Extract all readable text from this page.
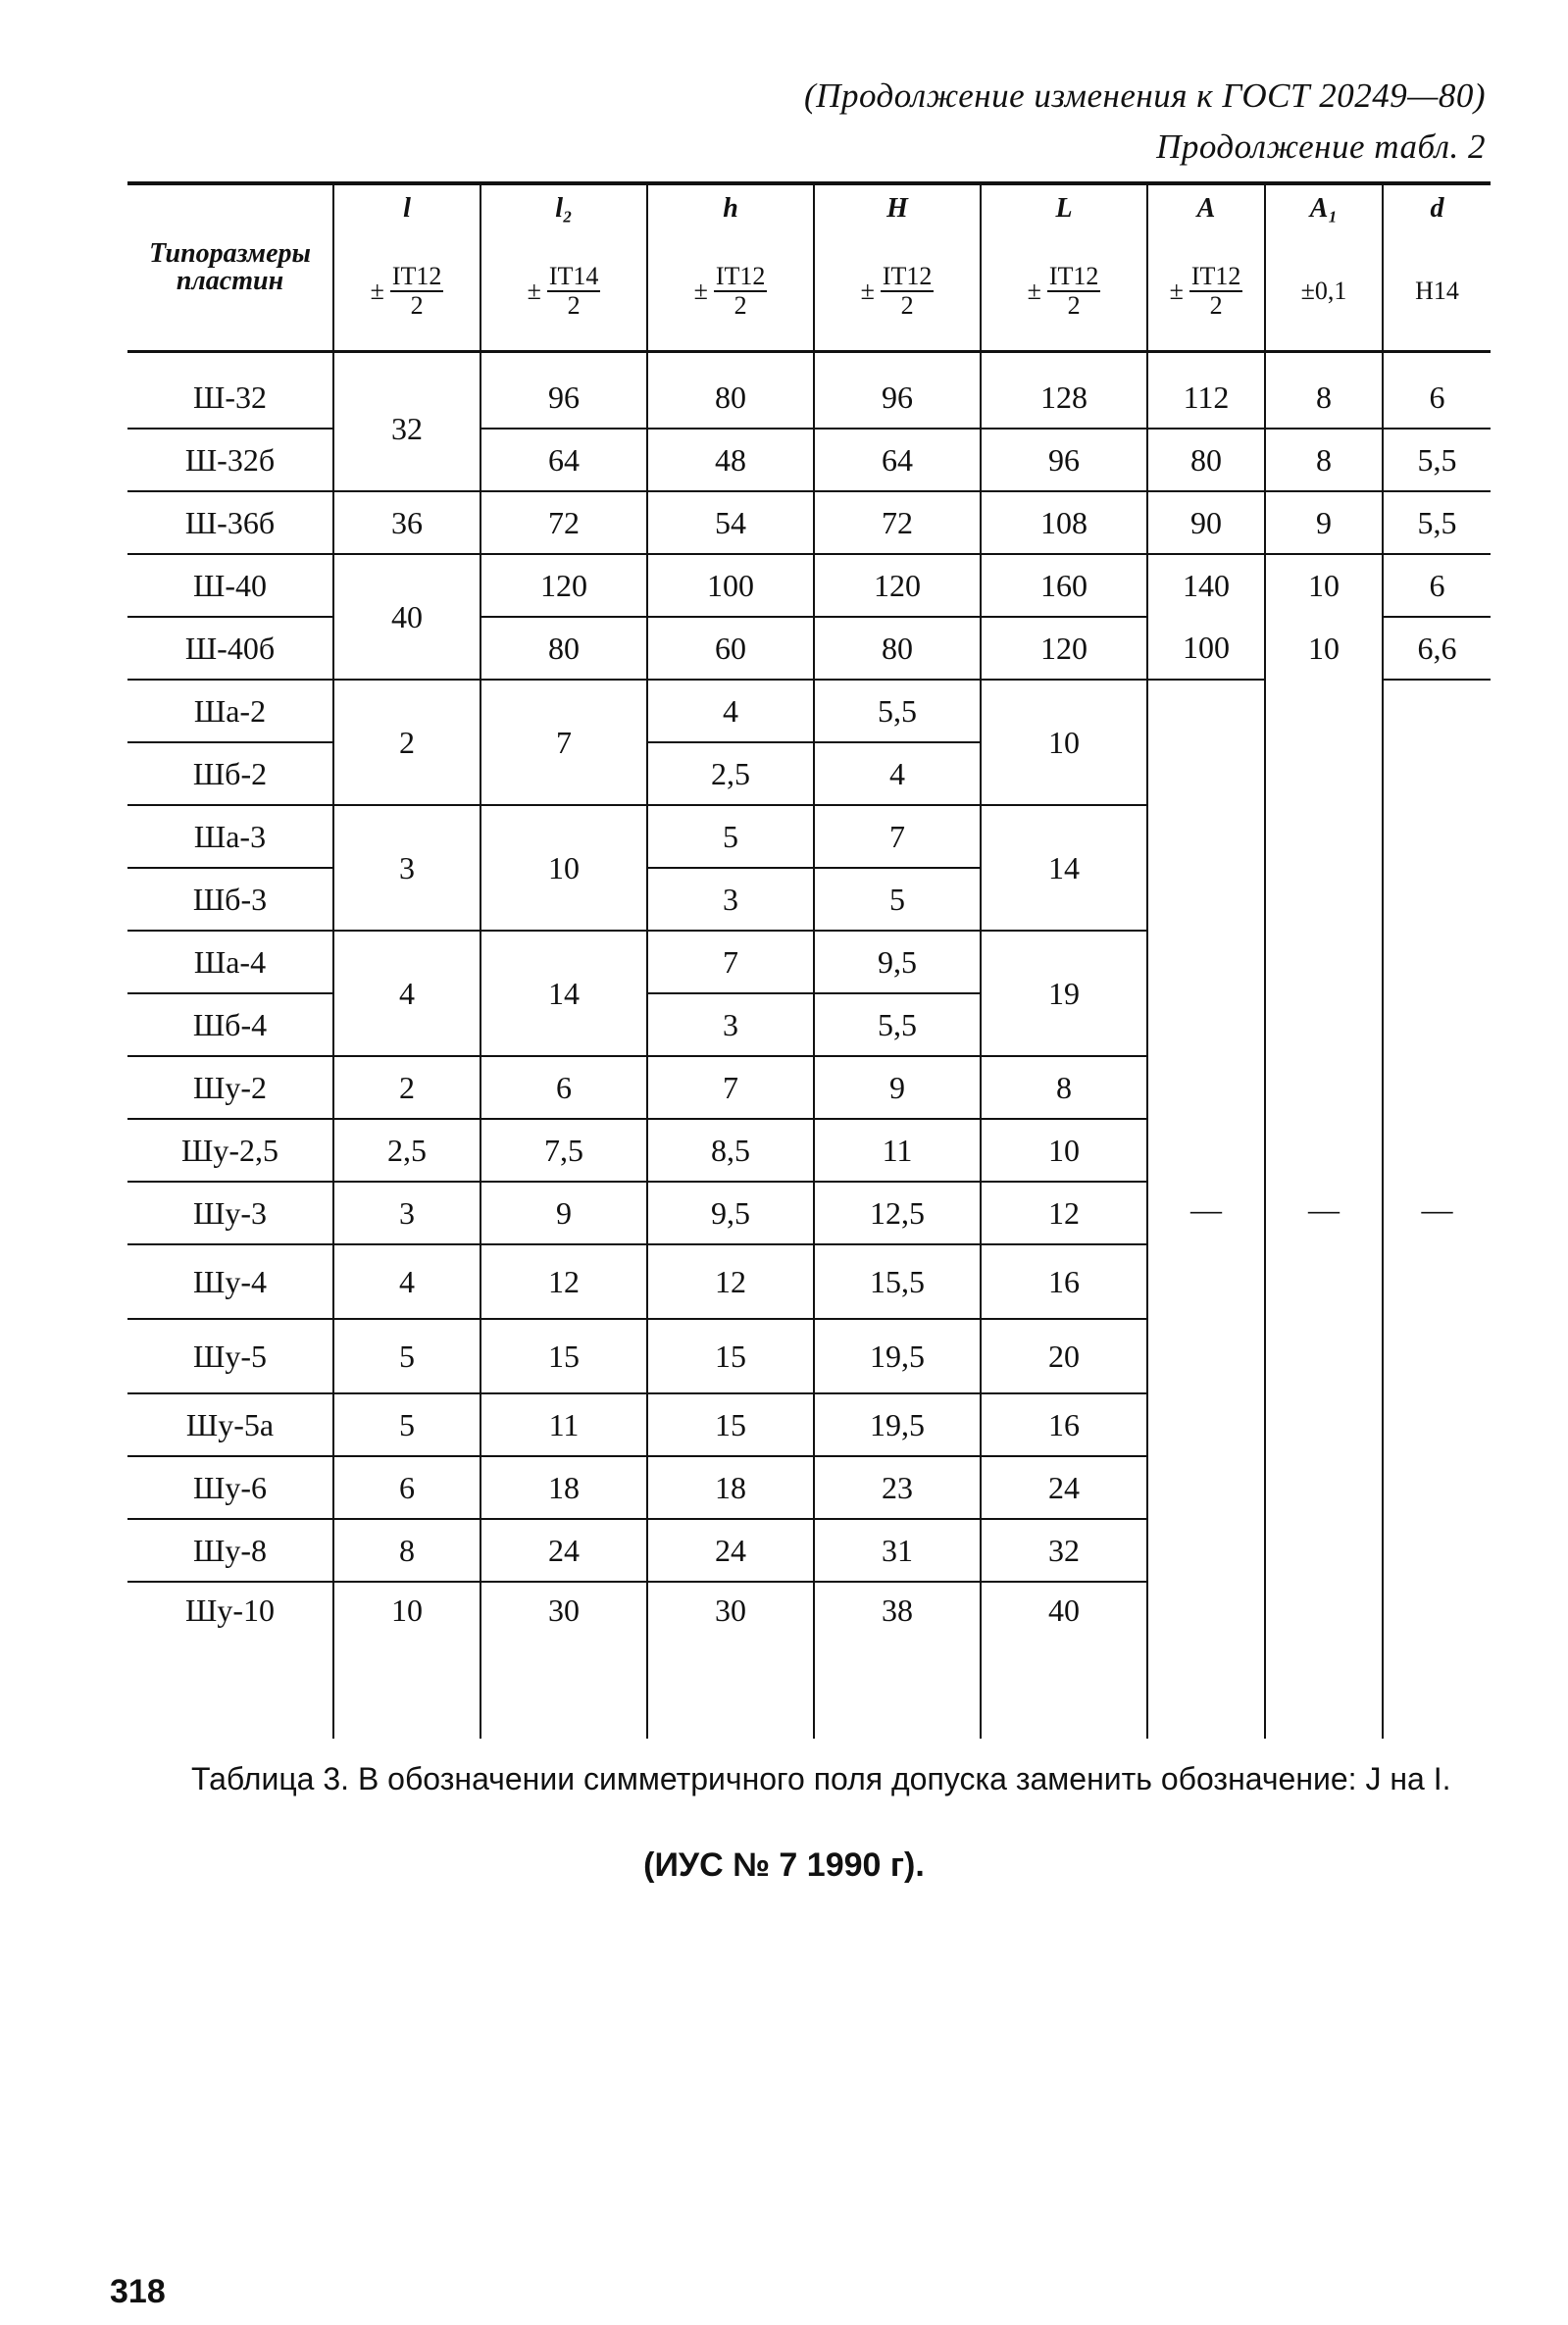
(Продолжение изменения к ГОСТ 20249—80)
Продолжение табл. 2
Типоразмеры пластин	l	l₂	h	H	L	A	A₁	d

	± $\frac{IT12}{2}$	± $\frac{IT14}{2}$	± $\frac{IT12}{2}$	± $\frac{IT12}{2}$	± $\frac{IT12}{2}$	± $\frac{IT12}{2}$	±0,1	H14
Ш-32	32	96	80	96	128	112	8	6
Ш-32б		64	48	64	96	80	8	5,5
Ш-36б	36	72	54	72	108	90	9	5,5
Ш-40	40	120	100	120	160	140	10	6
Ш-40б		80	60	80	120	100	10	6,6
Ша-2	2	7	4	5,5	10	—	—	—
Шб-2			2,5	4				
Ша-3	3	10	5	7	14			
Шб-3			3	5				
Ша-4	4	14	7	9,5	19			
Шб-4			3	5,5				
Шу-2	2	6	7	9	8			
Шу-2,5	2,5	7,5	8,5	11	10			
Шу-3	3	9	9,5	12,5	12			
Шу-4	4	12	12	15,5	16			
Шу-5	5	15	15	19,5	20			
Шу-5а	5	11	15	19,5	16			
Шу-6	6	18	18	23	24			
Шу-8	8	24	24	31	32			
Шу-10	10	30	30	38	40			
Таблица 3. В обозначении симметричного поля допуска заменить обозначение: J на I.
(ИУС № 7 1990 г).
318
